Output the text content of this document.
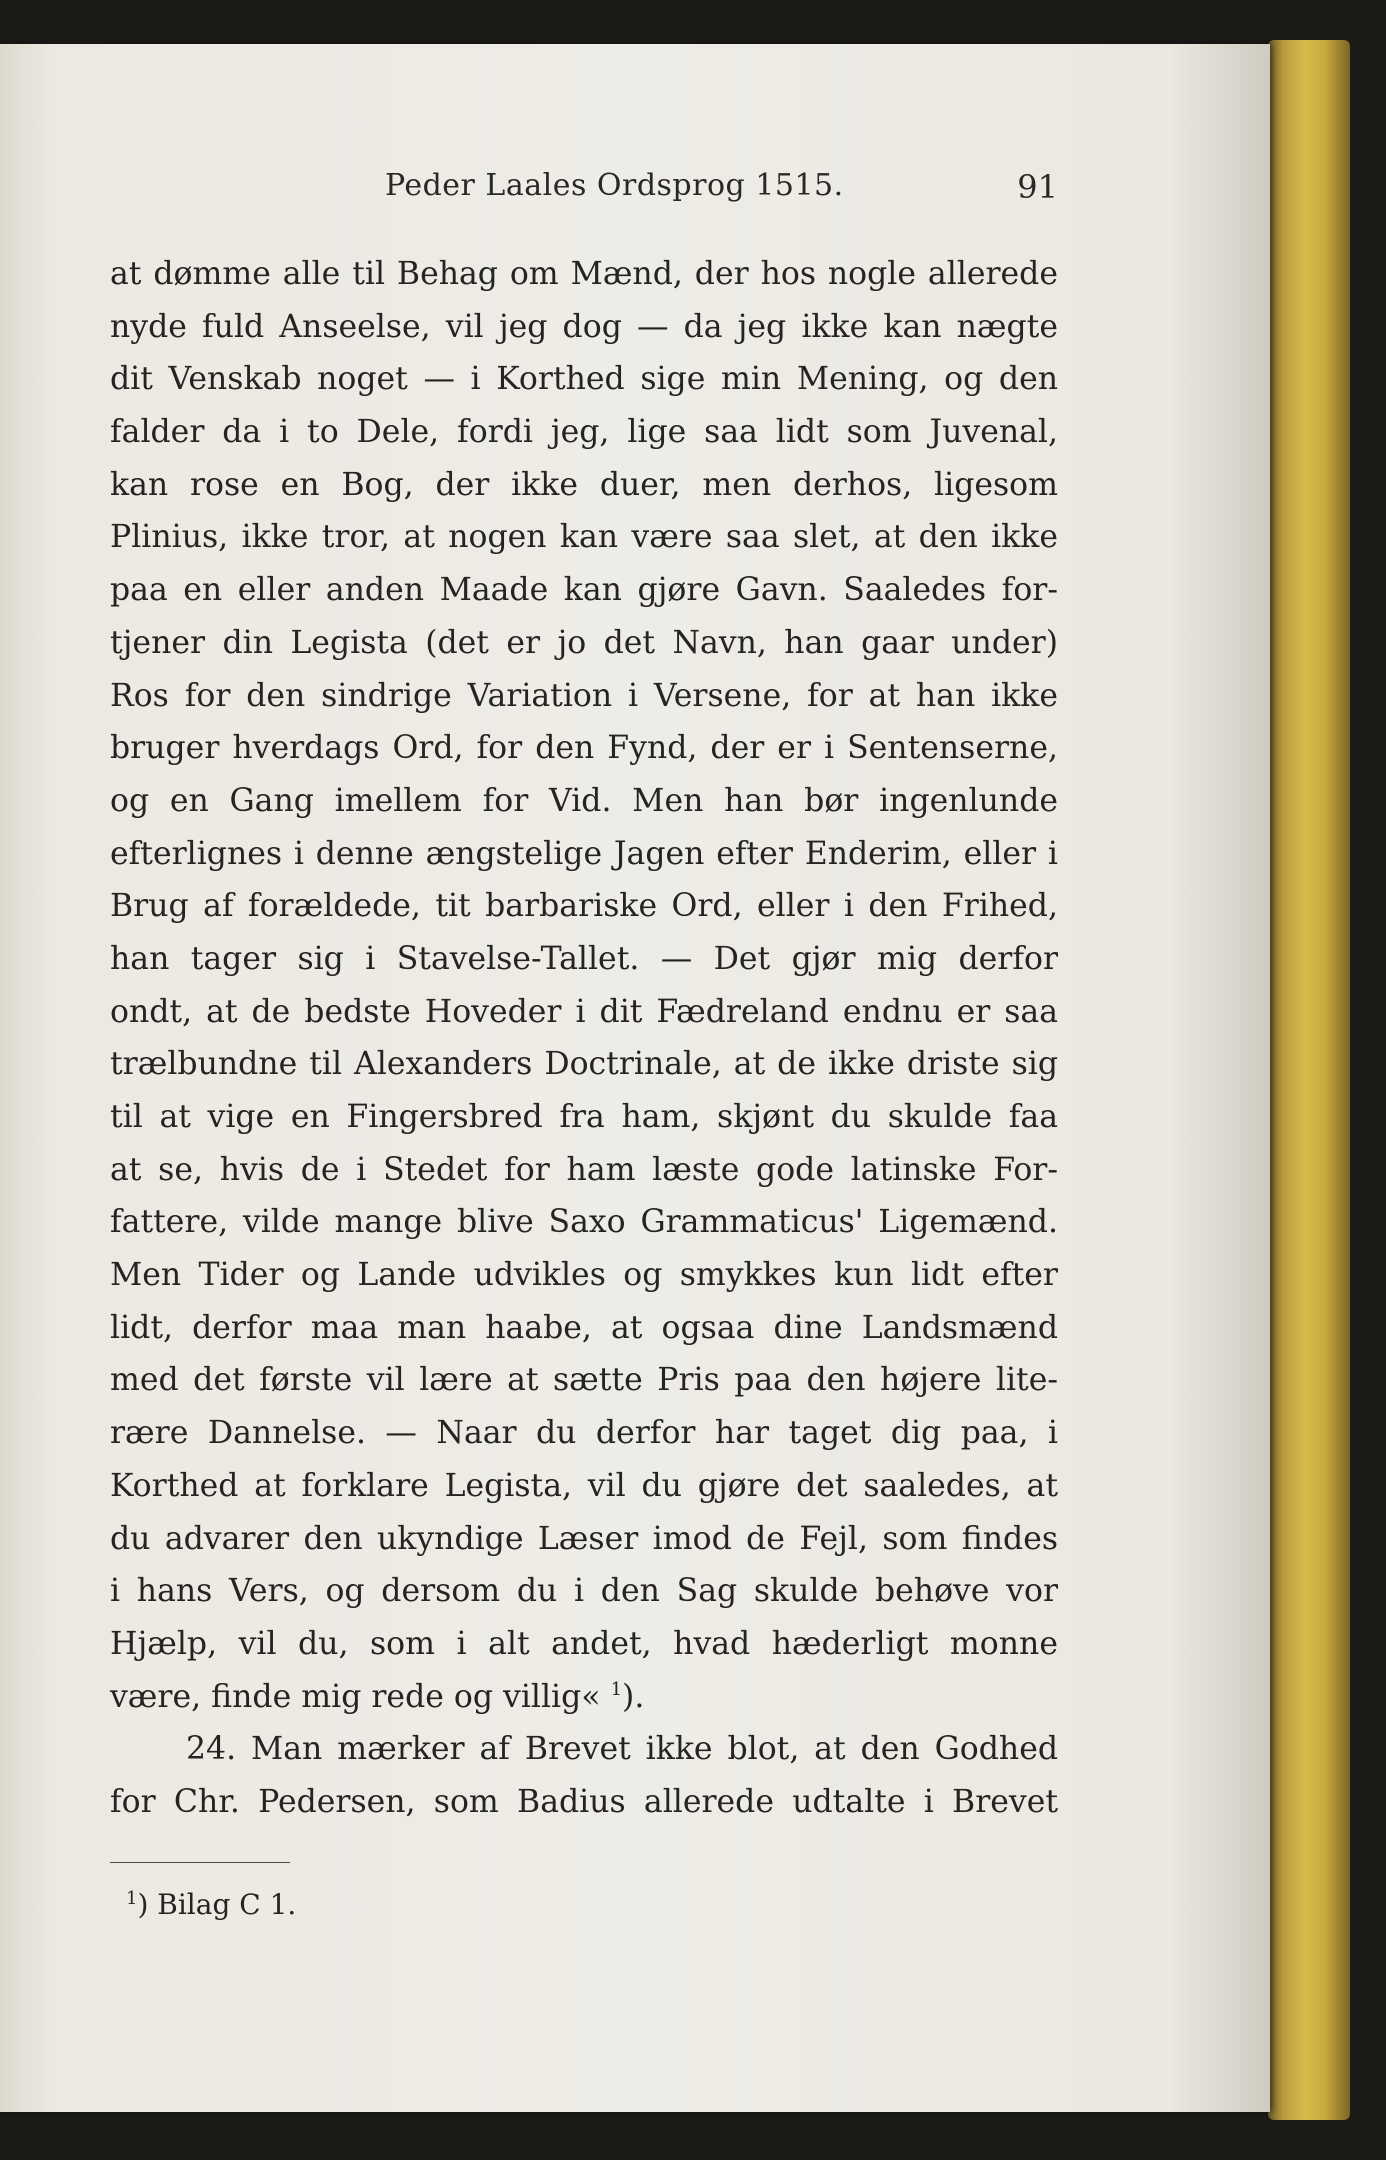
Peder Laales Ordsprog 1515.	91
at dømme alle til Behag om Mænd, der hos nogle allerede
nyde fuld Anseelse, vil jeg dog — da jeg ikke kan nægte
dit Venskab noget — i Korthed sige min Mening, og den
falder da i to Dele, fordi jeg, lige saa lidt som Juvenal,
kan rose en Bog, der ikke duer, men derhos, ligesom
Plinius, ikke tror, at nogen kan være saa slet, at den ikke
paa en eller anden Maade kan gjøre Gavn. Saaledes for-
tjener din Legista (det er jo det Navn, han gaar under)
Ros for den sindrige Variation i Versene, for at han ikke
bruger hverdags Ord, for den Fynd, der er i Sentenserne,
og en Gang imellem for Vid. Men han bør ingenlunde
efterlignes i denne ængstelige Jagen efter Enderim, eller i
Brug af forældede, tit barbariske Ord, eller i den Frihed,
han tager sig i Stavelse-Tallet. — Det gjør mig derfor
ondt, at de bedste Hoveder i dit Fædreland endnu er saa
trælbundne til Alexanders Doctrinale, at de ikke driste sig
til at vige en Fingersbred fra ham, skjønt du skulde faa
at se, hvis de i Stedet for ham læste gode latinske For-
fattere, vilde mange blive Saxo Grammaticus' Ligemænd.
Men Tider og Lande udvikles og smykkes kun lidt efter
lidt, derfor maa man haabe, at ogsaa dine Landsmænd
med det første vil lære at sætte Pris paa den højere lite-
rære Dannelse. — Naar du derfor har taget dig paa, i
Korthed at forklare Legista, vil du gjøre det saaledes, at
du advarer den ukyndige Læser imod de Fejl, som findes
i hans Vers, og dersom du i den Sag skulde behøve vor
Hjælp, vil du, som i alt andet, hvad hæderligt monne
være, finde mig rede og villig« $^1$).
24. Man mærker af Brevet ikke blot, at den Godhed
for Chr. Pedersen, som Badius allerede udtalte i Brevet
$^1$) Bilag C 1.
